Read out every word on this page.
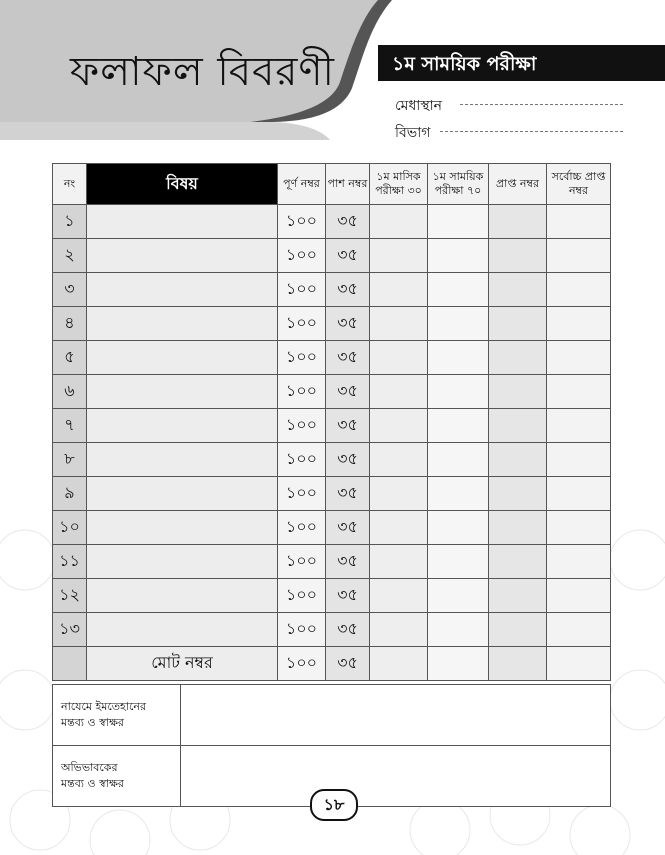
ফলাফল বিবরণী	১ম সাময়িক পরীক্ষা
মেধাস্থান
বিভাগ
নং	বিষয়	পূর্ণ নম্বর	পাশ নম্বর	১ম মাসিক পরীক্ষা ৩০	১ম সাময়িক পরীক্ষা ৭০	প্রাপ্ত নম্বর	সর্বোচ্চ প্রাপ্ত নম্বর
১		১০০	৩৫				
২		১০০	৩৫				
৩		১০০	৩৫				
৪		১০০	৩৫				
৫		১০০	৩৫				
৬		১০০	৩৫				
৭		১০০	৩৫				
৮		১০০	৩৫				
৯		১০০	৩৫				
১০		১০০	৩৫				
১১		১০০	৩৫				
১২		১০০	৩৫				
১৩		১০০	৩৫				
	মোট নম্বর	১০০	৩৫				
নাযেমে ইমতেহানের
মন্তব্য ও স্বাক্ষর	

অভিভাবকের
মন্তব্য ও স্বাক্ষর	

১৮
